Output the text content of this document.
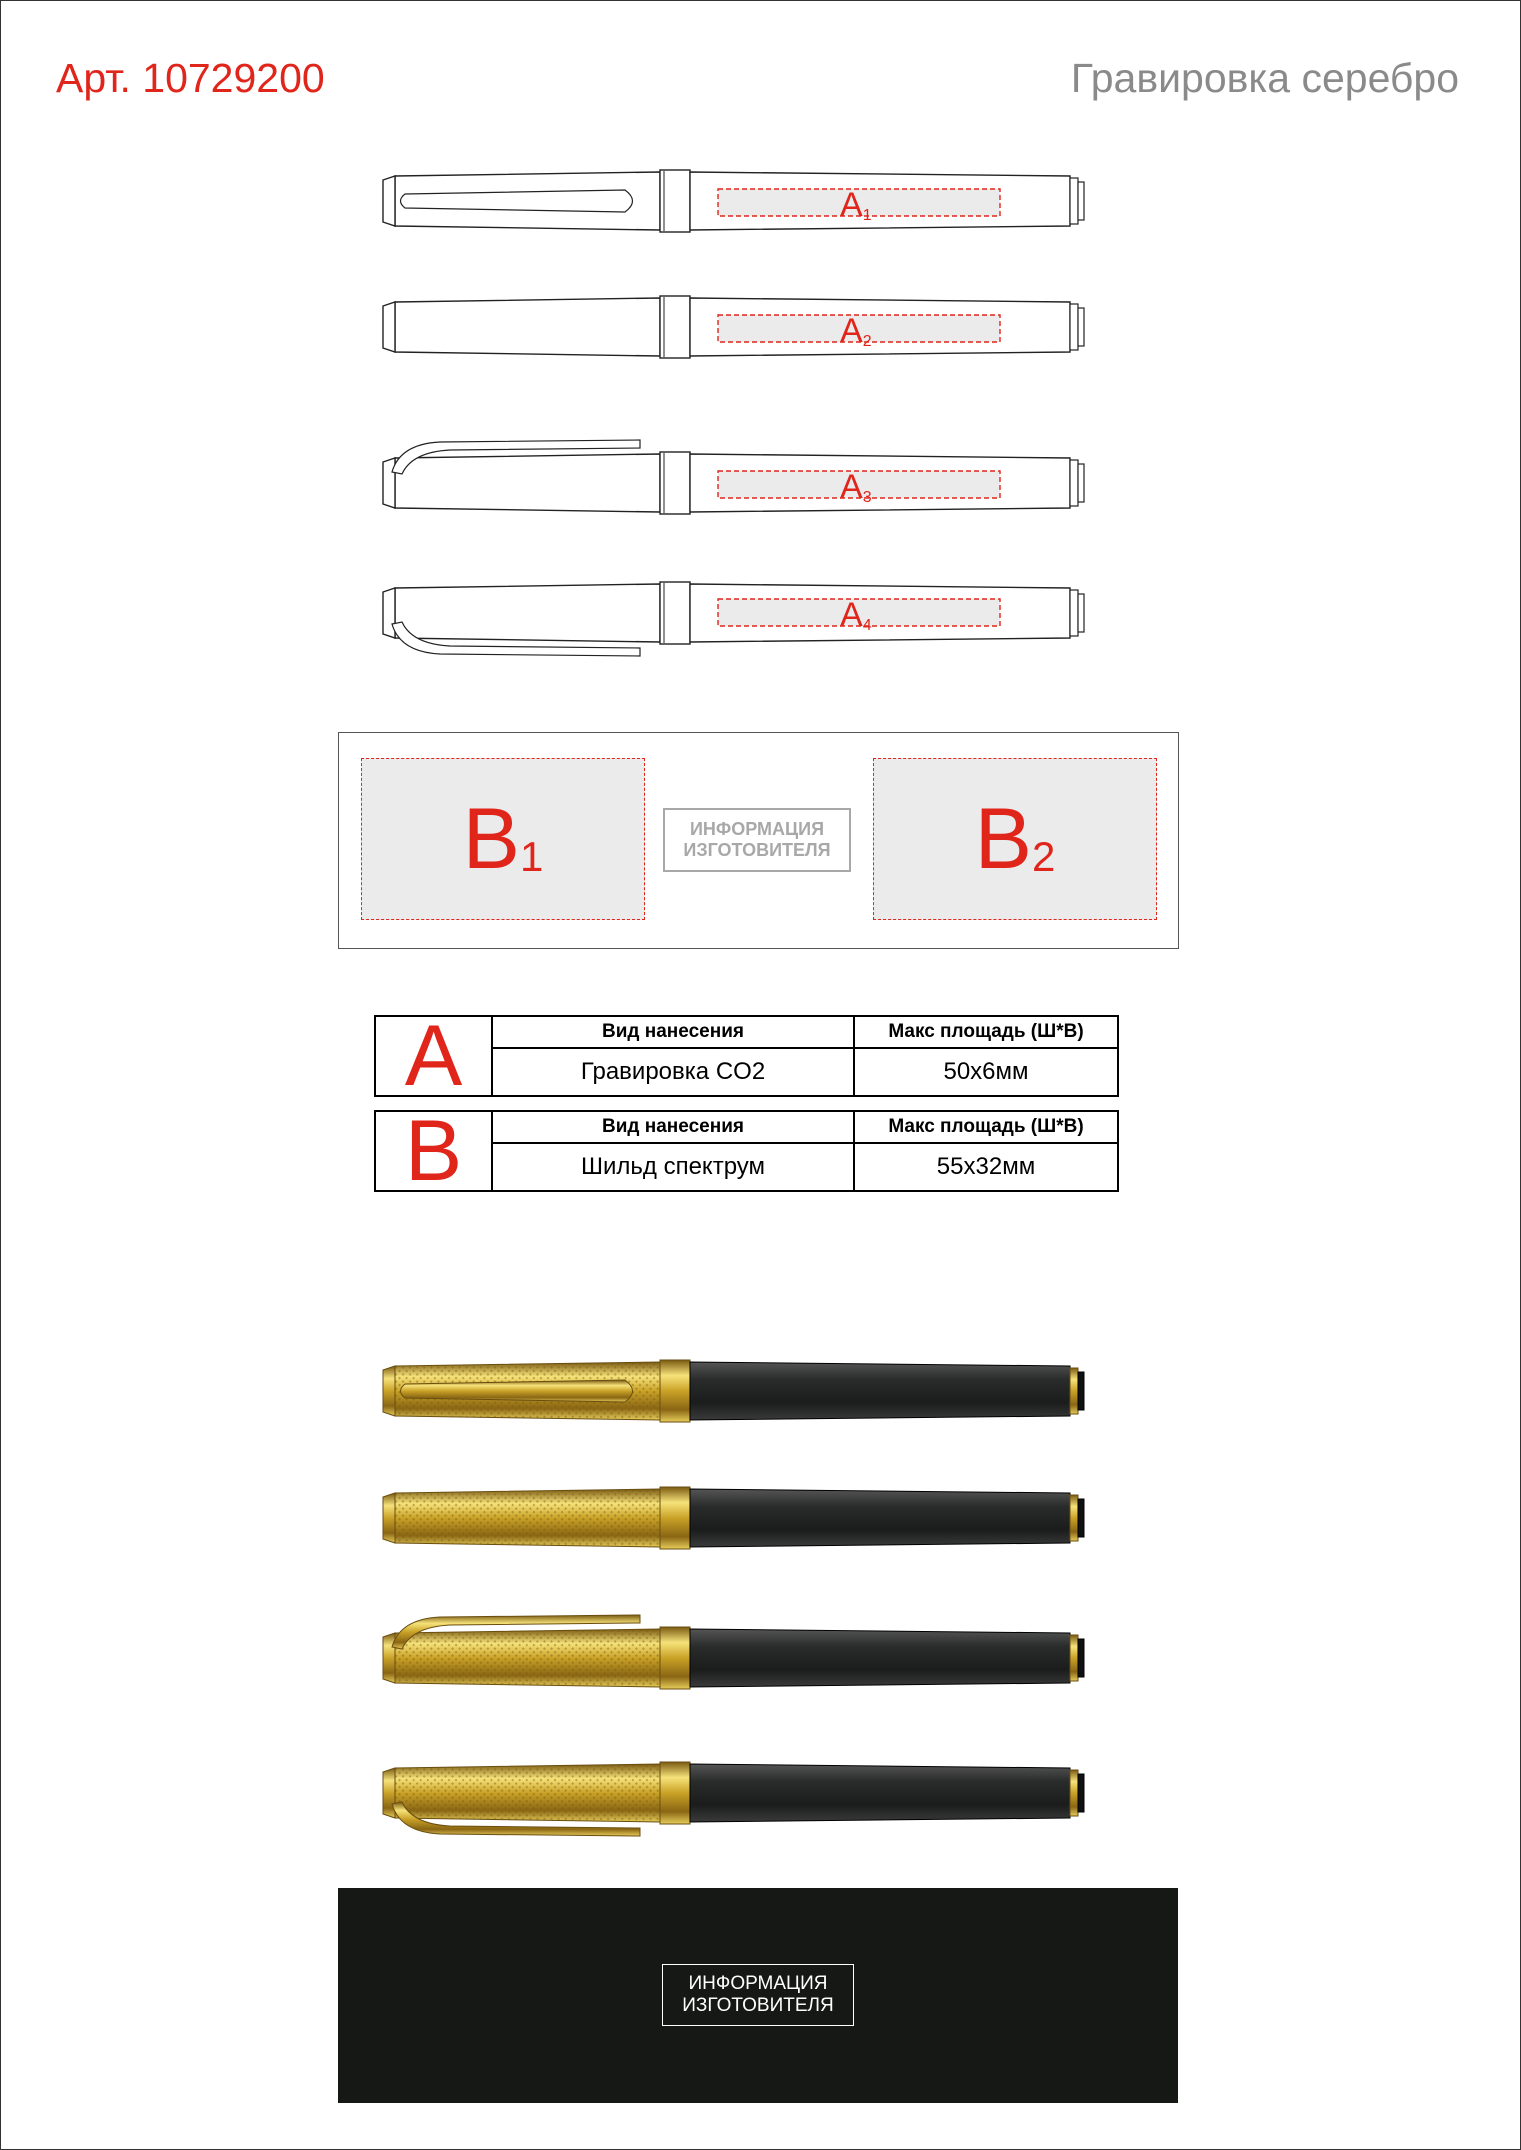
Арт. 10729200	Гравировка серебро
$A_1$
$A_2$
$A_3$
$A_4$
B 1
ИНФОРМАЦИЯ
ИЗГОТОВИТЕЛЯ B 2
A	Вид нанесения	Макс площадь (Ш*В)
	Гравировка CO2	50х6мм
B	Вид нанесения	Макс площадь (Ш*В)
	Шильд спектрум	55х32мм
ИНФОРМАЦИЯ
ИЗГОТОВИТЕЛЯ
